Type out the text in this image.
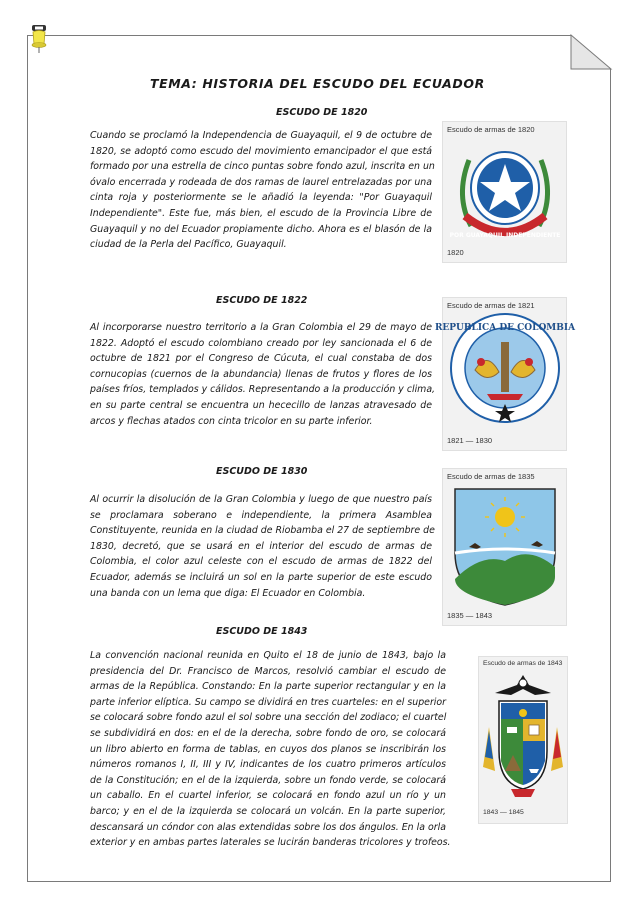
TEMA: HISTORIA DEL ESCUDO DEL ECUADOR
ESCUDO DE 1820
Cuando se proclamó la Independencia de Guayaquil, el 9 de octubre de
1820, se adoptó como escudo del movimiento emancipador el que está
formado por una estrella de cinco puntas sobre fondo azul, inscrita en un
óvalo encerrada y rodeada de dos ramas de laurel entrelazadas por una
cinta roja y posteriormente se le añadió la leyenda: "Por Guayaquil
Independiente". Este fue, más bien, el escudo de la Provincia Libre de
Guayaquil y no del Ecuador propiamente dicho. Ahora es el blasón de la
ciudad de la Perla del Pacífico, Guayaquil.
Escudo de armas de 1820
POR GUAYAQUIL INDEPENDIENTE
1820
ESCUDO DE 1822
Al incorporarse nuestro territorio a la Gran Colombia el 29 de mayo de
1822. Adoptó el escudo colombiano creado por ley sancionada el 6 de
octubre de 1821 por el Congreso de Cúcuta, el cual constaba de dos
cornucopias (cuernos de la abundancia) llenas de frutos y flores de los
países fríos, templados y cálidos. Representando a la producción y clima,
en su parte central se encuentra un hececillo de lanzas atravesado de
arcos y flechas atados con cinta tricolor en su parte inferior.
Escudo de armas de 1821
REPUBLICA DE COLOMBIA
1821 — 1830
ESCUDO DE 1830
Al ocurrir la disolución de la Gran Colombia y luego de que nuestro país
se proclamara soberano e independiente, la primera Asamblea
Constituyente, reunida en la ciudad de Riobamba el 27 de septiembre de
1830, decretó, que se usará en el interior del escudo de armas de
Colombia, el color azul celeste con el escudo de armas de 1822 del
Ecuador, además se incluirá un sol en la parte superior de este escudo
una banda con un lema que diga: El Ecuador en Colombia.
Escudo de armas de 1835
1835 — 1843
ESCUDO DE 1843
La convención nacional reunida en Quito el 18 de junio de 1843, bajo la
presidencia del Dr. Francisco de Marcos, resolvió cambiar el escudo de
armas de la República. Constando: En la parte superior rectangular y en la
parte inferior elíptica. Su campo se dividirá en tres cuarteles: en el superior
se colocará sobre fondo azul el sol sobre una sección del zodiaco; el cuartel
se subdividirá en dos: en el de la derecha, sobre fondo de oro, se colocará
un libro abierto en forma de tablas, en cuyos dos planos se inscribirán los
números romanos I, II, III y IV, indicantes de los cuatro primeros artículos
de la Constitución; en el de la izquierda, sobre un fondo verde, se colocará
un caballo. En el cuartel inferior, se colocará en fondo azul un río y un
barco; y en el de la izquierda se colocará un volcán. En la parte superior,
descansará un cóndor con alas extendidas sobre los dos ángulos. En la orla
exterior y en ambas partes laterales se lucirán banderas tricolores y trofeos.
Escudo de armas de 1843
1843 — 1845
